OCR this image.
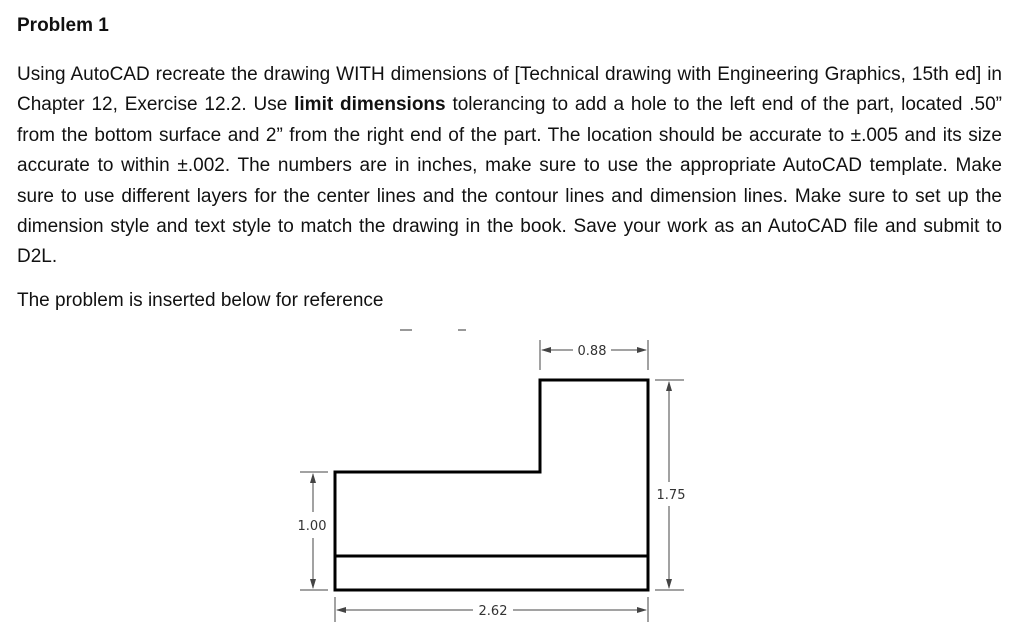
Problem 1

Using AutoCAD recreate the drawing WITH dimensions of [Technical drawing with Engineering Graphics, 15th ed] in Chapter 12, Exercise 12.2. Use limit dimensions tolerancing to add a hole to the left end of the part, located .50” from the bottom surface and 2” from the right end of the part. The location should be accurate to ±.005 and its size accurate to within ±.002. The numbers are in inches, make sure to use the appropriate AutoCAD template. Make sure to use different layers for the center lines and the contour lines and dimension lines. Make sure to set up the dimension style and text style to match the drawing in the book. Save your work as an AutoCAD file and submit to D2L.

The problem is inserted below for reference

0.88
1.75
1.00
2.62
